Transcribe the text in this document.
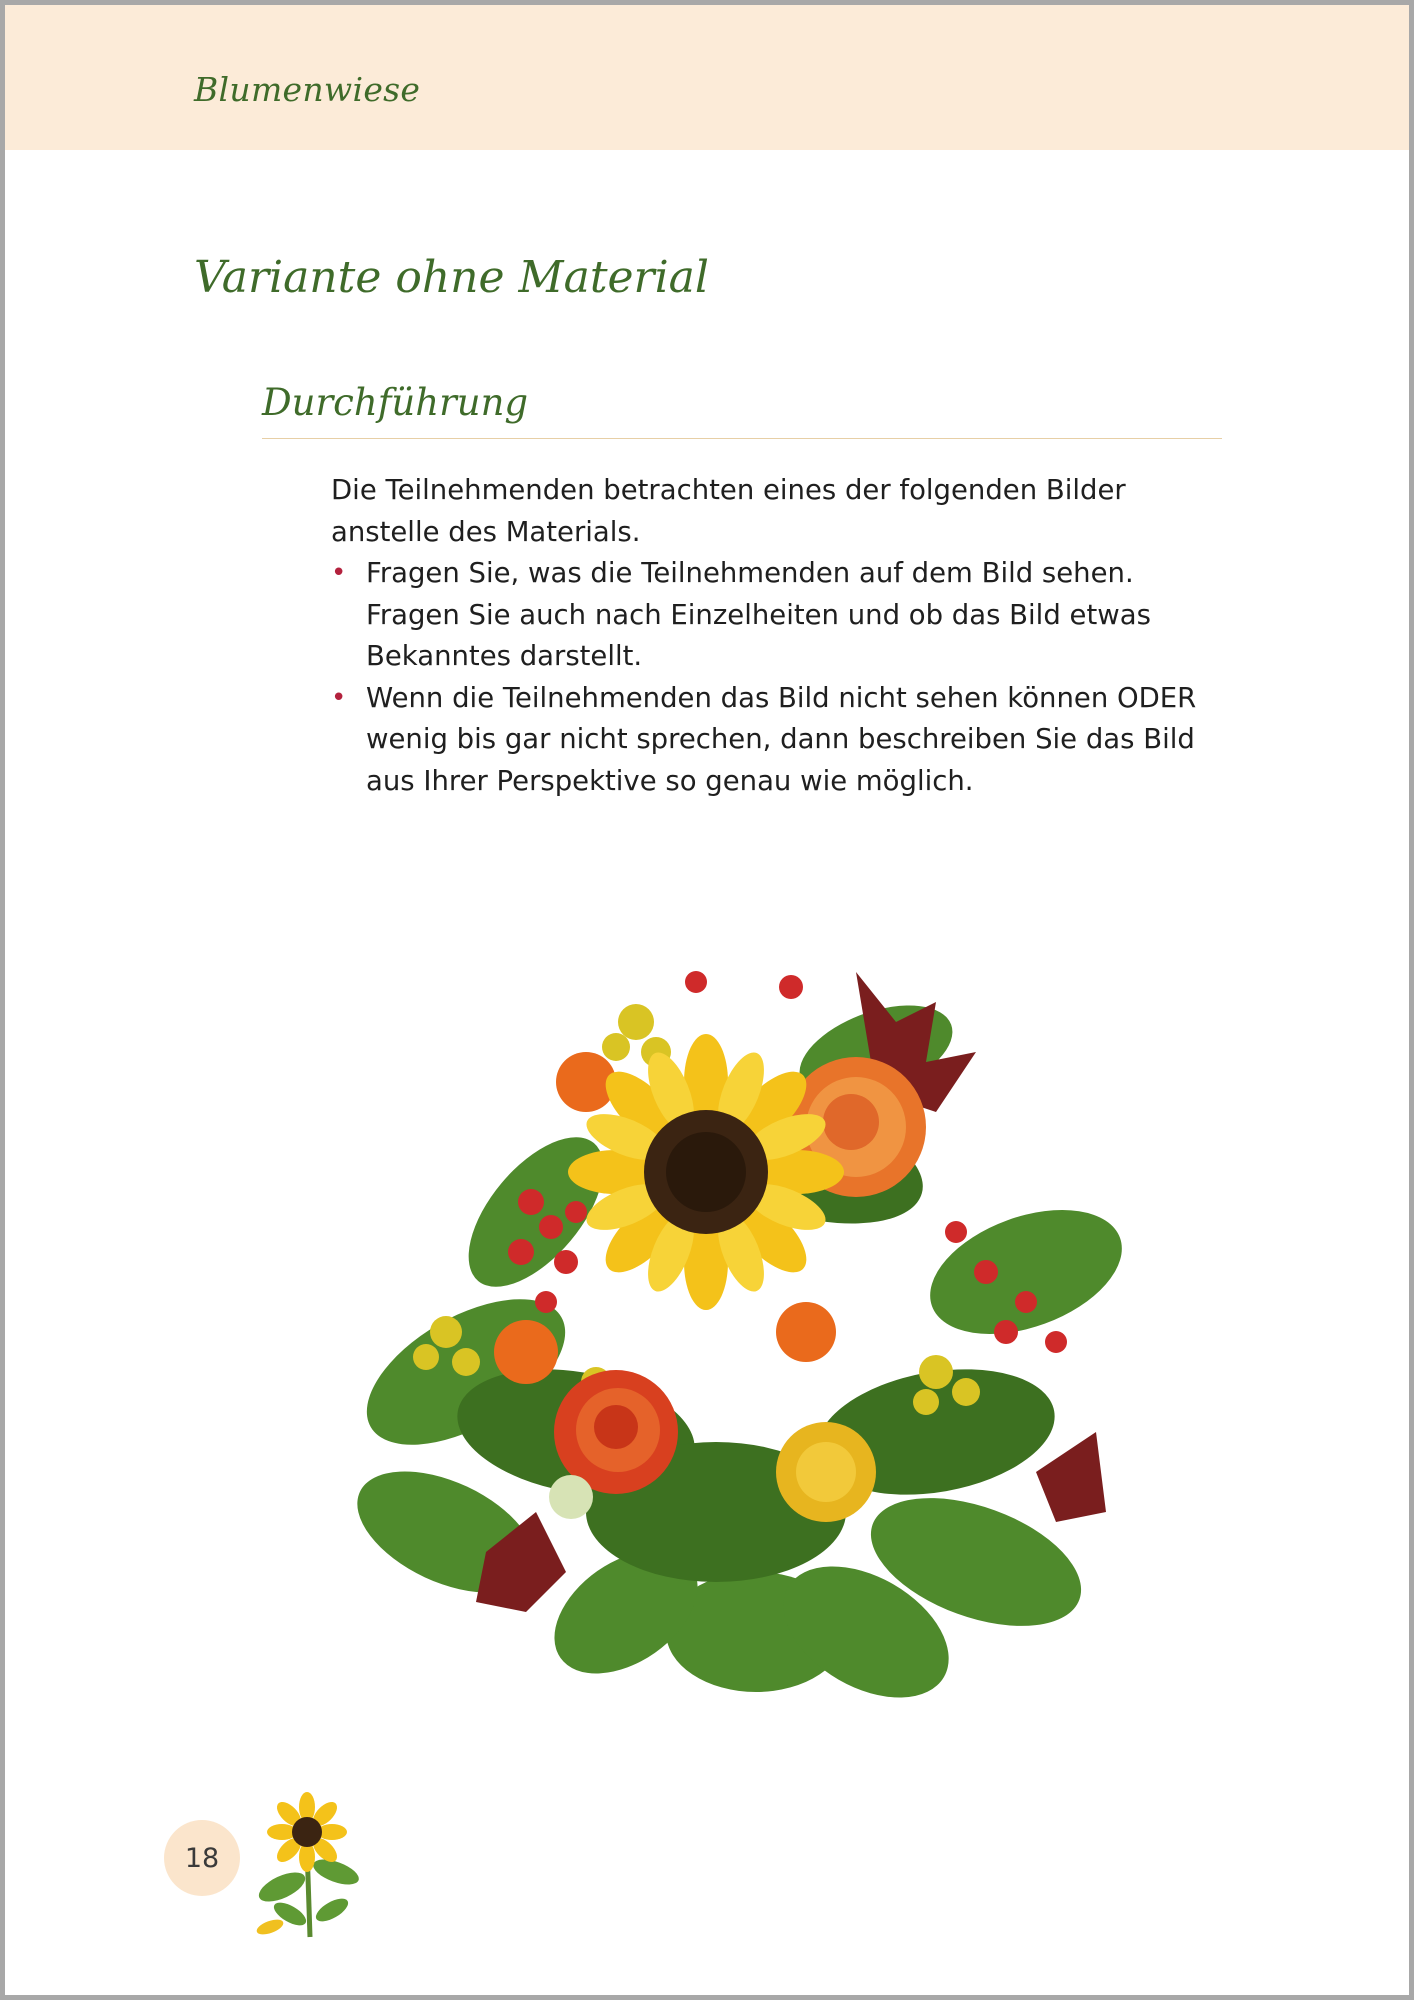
Blumenwiese
Variante ohne Material
Durchführung

Die Teilnehmenden betrachten eines der folgenden Bilder anstelle des Materials.

• Fragen Sie, was die Teilnehmenden auf dem Bild sehen. Fragen Sie auch nach Einzelheiten und ob das Bild etwas Bekanntes darstellt.
• Wenn die Teilnehmenden das Bild nicht sehen können ODER wenig bis gar nicht sprechen, dann beschreiben Sie das Bild aus Ihrer Perspektive so genau wie möglich.
18
